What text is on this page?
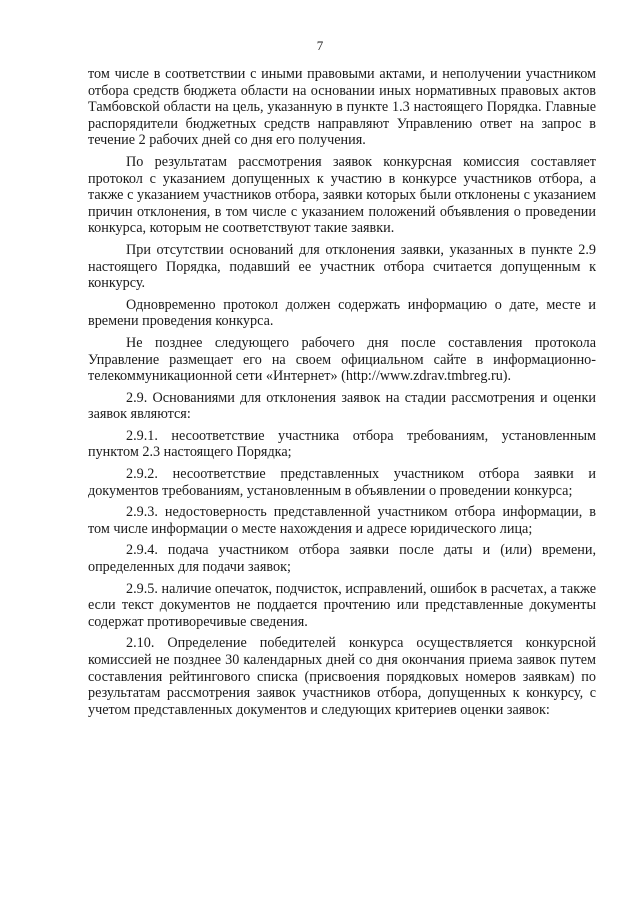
7

том числе в соответствии с иными правовыми актами, и неполучении участником отбора средств бюджета области на основании иных нормативных правовых актов Тамбовской области на цель, указанную в пункте 1.3 настоящего Порядка. Главные распорядители бюджетных средств направляют Управлению ответ на запрос в течение 2 рабочих дней со дня его получения.

По результатам рассмотрения заявок конкурсная комиссия составляет протокол с указанием допущенных к участию в конкурсе участников отбора, а также с указанием участников отбора, заявки которых были отклонены с указанием причин отклонения, в том числе с указанием положений объявления о проведении конкурса, которым не соответствуют такие заявки.

При отсутствии оснований для отклонения заявки, указанных в пункте 2.9 настоящего Порядка, подавший ее участник отбора считается допущенным к конкурсу.

Одновременно протокол должен содержать информацию о дате, месте и времени проведения конкурса.

Не позднее следующего рабочего дня после составления протокола Управление размещает его на своем официальном сайте в информационно-телекоммуникационной сети «Интернет» (http://www.zdrav.tmbreg.ru).

2.9. Основаниями для отклонения заявок на стадии рассмотрения и оценки заявок являются:

2.9.1. несоответствие участника отбора требованиям, установленным пунктом 2.3 настоящего Порядка;

2.9.2. несоответствие представленных участником отбора заявки и документов требованиям, установленным в объявлении о проведении конкурса;

2.9.3. недостоверность представленной участником отбора информации, в том числе информации о месте нахождения и адресе юридического лица;

2.9.4. подача участником отбора заявки после даты и (или) времени, определенных для подачи заявок;

2.9.5. наличие опечаток, подчисток, исправлений, ошибок в расчетах, а также если текст документов не поддается прочтению или представленные документы содержат противоречивые сведения.

2.10. Определение победителей конкурса осуществляется конкурсной комиссией не позднее 30 календарных дней со дня окончания приема заявок путем составления рейтингового списка (присвоения порядковых номеров заявкам) по результатам рассмотрения заявок участников отбора, допущенных к конкурсу, с учетом представленных документов и следующих критериев оценки заявок:
